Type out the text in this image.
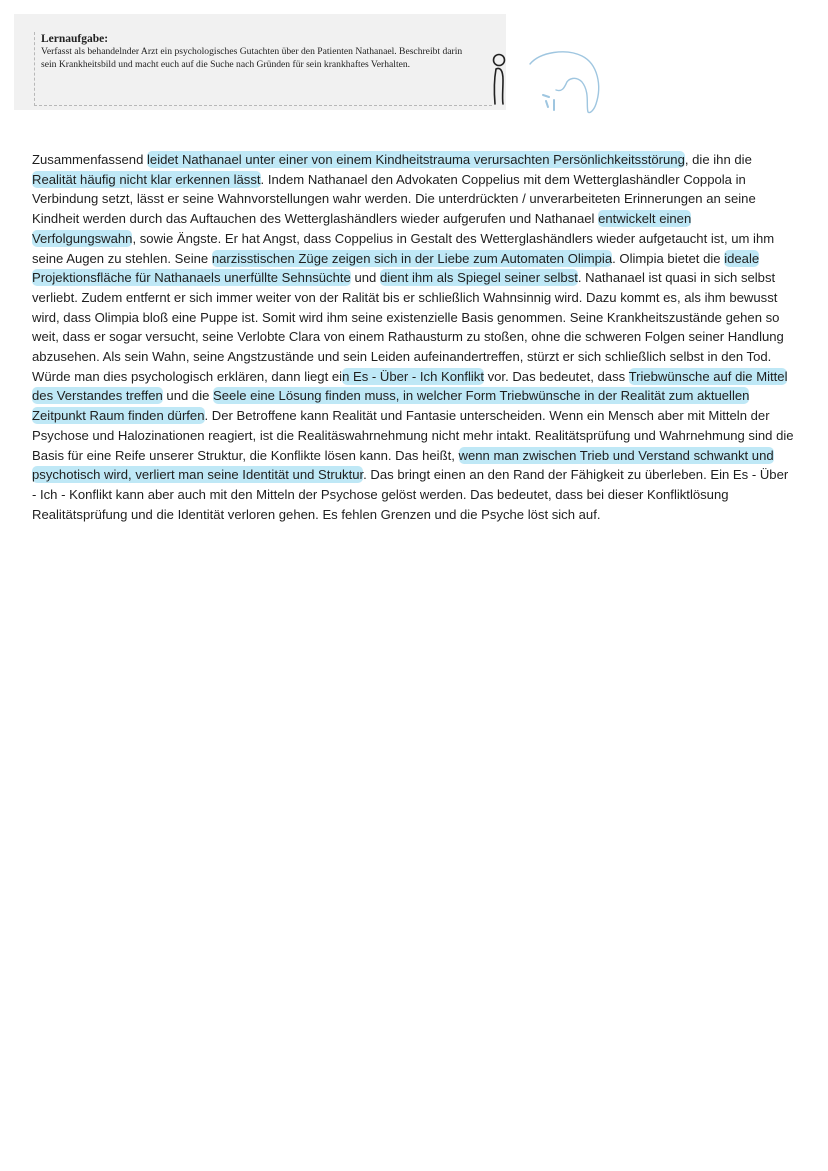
Lernaufgabe:

Verfasst als behandelnder Arzt ein psychologisches Gutachten über den Patienten Nathanael. Beschreibt darin sein Krankheitsbild und macht euch auf die Suche nach Gründen für sein krankhaftes Verhalten.

Zusammenfassend leidet Nathanael unter einer von einem Kindheitstrauma verursachten Persönlichkeitsstörung, die ihn die Realität häufig nicht klar erkennen lässt. Indem Nathanael den Advokaten Coppelius mit dem Wetterglashändler Coppola in Verbindung setzt, lässt er seine Wahnvorstellungen wahr werden. Die unterdrückten / unverarbeiteten Erinnerungen an seine Kindheit werden durch das Auftauchen des Wetterglashändlers wieder aufgerufen und Nathanael entwickelt einen Verfolgungswahn, sowie Ängste. Er hat Angst, dass Coppelius in Gestalt des Wetterglashändlers wieder aufgetaucht ist, um ihm seine Augen zu stehlen. Seine narzisstischen Züge zeigen sich in der Liebe zum Automaten Olimpia. Olimpia bietet die ideale Projektionsfläche für Nathanaels unerfüllte Sehnsüchte und dient ihm als Spiegel seiner selbst. Nathanael ist quasi in sich selbst verliebt. Zudem entfernt er sich immer weiter von der Ralität bis er schließlich Wahnsinnig wird. Dazu kommt es, als ihm bewusst wird, dass Olimpia bloß eine Puppe ist. Somit wird ihm seine existenzielle Basis genommen. Seine Krankheitszustände gehen so weit, dass er sogar versucht, seine Verlobte Clara von einem Rathausturm zu stoßen, ohne die schweren Folgen seiner Handlung abzusehen. Als sein Wahn, seine Angstzustände und sein Leiden aufeinandertreffen, stürzt er sich schließlich selbst in den Tod. Würde man dies psychologisch erklären, dann liegt ein Es - Über - Ich Konflikt vor. Das bedeutet, dass Triebwünsche auf die Mittel des Verstandes treffen und die Seele eine Lösung finden muss, in welcher Form Triebwünsche in der Realität zum aktuellen Zeitpunkt Raum finden dürfen. Der Betroffene kann Realität und Fantasie unterscheiden. Wenn ein Mensch aber mit Mitteln der Psychose und Halozinationen reagiert, ist die Realitäswahrnehmung nicht mehr intakt. Realitätsprüfung und Wahrnehmung sind die Basis für eine Reife unserer Struktur, die Konflikte lösen kann. Das heißt, wenn man zwischen Trieb und Verstand schwankt und psychotisch wird, verliert man seine Identität und Struktur. Das bringt einen an den Rand der Fähigkeit zu überleben. Ein Es - Über - Ich - Konflikt kann aber auch mit den Mitteln der Psychose gelöst werden. Das bedeutet, dass bei dieser Konfliktlösung Realitätsprüfung und die Identität verloren gehen. Es fehlen Grenzen und die Psyche löst sich auf.
